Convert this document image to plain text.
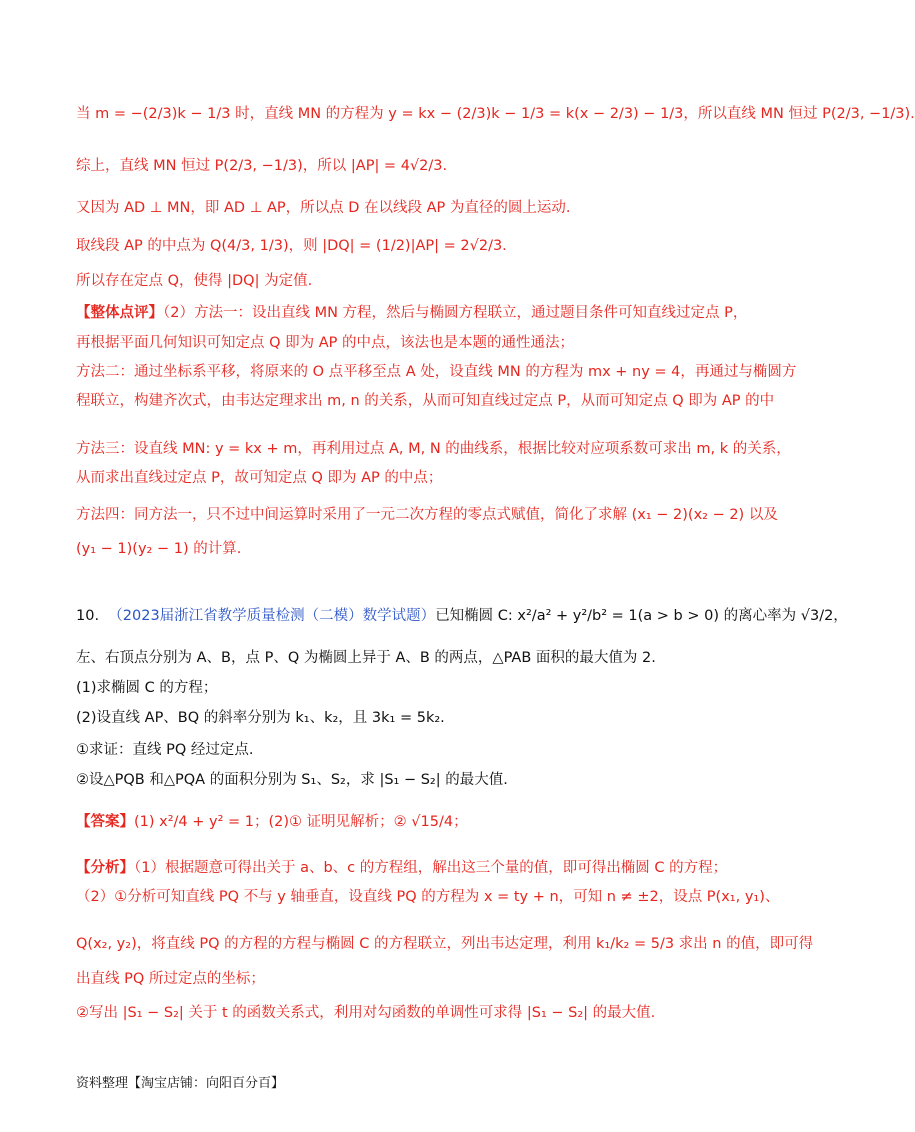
当 m = −(2/3)k − 1/3 时，直线 MN 的方程为 y = kx − (2/3)k − 1/3 = k(x − 2/3) − 1/3，所以直线 MN 恒过 P(2/3, −1/3).
综上，直线 MN 恒过 P(2/3, −1/3)，所以 |AP| = 4√2/3.
又因为 AD ⊥ MN，即 AD ⊥ AP，所以点 D 在以线段 AP 为直径的圆上运动.
取线段 AP 的中点为 Q(4/3, 1/3)，则 |DQ| = (1/2)|AP| = 2√2/3.
所以存在定点 Q，使得 |DQ| 为定值.
【整体点评】（2）方法一：设出直线 MN 方程，然后与椭圆方程联立，通过题目条件可知直线过定点 P，
再根据平面几何知识可知定点 Q 即为 AP 的中点，该法也是本题的通性通法；
方法二：通过坐标系平移，将原来的 O 点平移至点 A 处，设直线 MN 的方程为 mx + ny = 4，再通过与椭圆方
程联立，构建齐次式，由韦达定理求出 m, n 的关系，从而可知直线过定点 P，从而可知定点 Q 即为 AP 的中
方法三：设直线 MN: y = kx + m，再利用过点 A, M, N 的曲线系，根据比较对应项系数可求出 m, k 的关系，
从而求出直线过定点 P，故可知定点 Q 即为 AP 的中点；
方法四：同方法一，只不过中间运算时采用了一元二次方程的零点式赋值，简化了求解 (x₁ − 2)(x₂ − 2) 以及
(y₁ − 1)(y₂ − 1) 的计算.
10. （2023届浙江省教学质量检测（二模）数学试题）已知椭圆 C: x²/a² + y²/b² = 1(a > b > 0) 的离心率为 √3/2，
左、右顶点分别为 A、B，点 P、Q 为椭圆上异于 A、B 的两点，△PAB 面积的最大值为 2.
(1)求椭圆 C 的方程；
(2)设直线 AP、BQ 的斜率分别为 k₁、k₂，且 3k₁ = 5k₂.
①求证：直线 PQ 经过定点.
②设△PQB 和△PQA 的面积分别为 S₁、S₂，求 |S₁ − S₂| 的最大值.
【答案】(1) x²/4 + y² = 1；(2)① 证明见解析；② √15/4；
【分析】（1）根据题意可得出关于 a、b、c 的方程组，解出这三个量的值，即可得出椭圆 C 的方程；
（2）①分析可知直线 PQ 不与 y 轴垂直，设直线 PQ 的方程为 x = ty + n，可知 n ≠ ±2，设点 P(x₁, y₁)、
Q(x₂, y₂)，将直线 PQ 的方程的方程与椭圆 C 的方程联立，列出韦达定理，利用 k₁/k₂ = 5/3 求出 n 的值，即可得
出直线 PQ 所过定点的坐标；
②写出 |S₁ − S₂| 关于 t 的函数关系式，利用对勾函数的单调性可求得 |S₁ − S₂| 的最大值.
资料整理【淘宝店铺：向阳百分百】
